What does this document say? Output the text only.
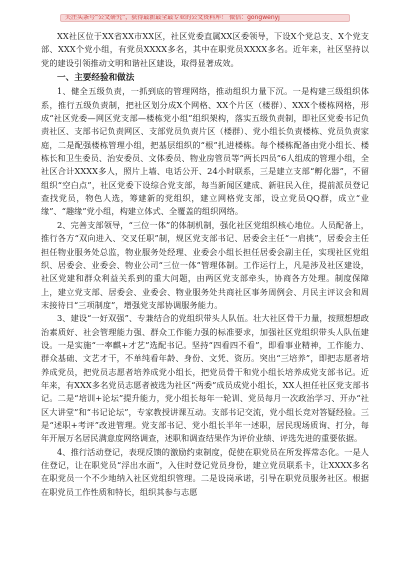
关注头条号“公文研究”，获得最新最全最专业的公文资料库！ 微信：gongwenyj

XX社区位于XX省XX市XX区，社区党委直属XX区委领导，下设X个党总支、X个党支部、XXX个党小组，有党员XXXX多名，其中在职党员XXXX多名。近年来，社区坚持以党的建设引领推动文明和谐社区建设，取得显著成效。

一、主要经验和做法

1、健全五级负责，一抓到底的管理网络，推动组织力量下沉。一是构建三级组织体系，推行五级负责制，把社区划分成X个网格、XX个片区（楼群）、XXX个楼栋网格，形成“社区党委—网区党支部—楼栋党小组”组织架构，落实五级负责制，即社区党委书记负责社区、支部书记负责网区、支部党员负责片区（楼群）、党小组长负责楼栋、党员负责家庭，二是配强楼栋管理小组，把基层组织的“根”扎进楼栋。每个楼栋配备由党小组长、楼栋长和卫生委员、治安委员、文体委员、物业房管员等“两长四员”6人组成的管理小组，全社区合计XXXX多人，照片上墙、电话公开、24小时联系，三是建立支部“孵化器”，不留组织“空白点”，社区党委下设综合党支部，每当新闻区建成、新驻民入住，提前派员登记查找党员，物色人选，筹建新的党组织，建立网格党支部，设立党员QQ群，成立“业缘”、“趣缘”党小组，构建立体式、全覆盖的组织网络。

2、完善支部领导，“三位一体”的体制机制，强化社区党组织核心地位。人员配备上，推行各方“双向进入、交叉任职”制，规区党支部书记、居委会主任“一肩挑”，居委会主任担任物业服务处总监，物业服务处经理、业委会小组长担任居委会副主任，实现社区党组织、居委会、业委会、物业公司“三位一体”管理体制。工作运行上，凡是涉及社区建设，社区党建和群众利益关系到的重大问题，由两区党支部牵头，协商各方处理。制度保障上，建立党支部、居委会、业委会、物业服务处共商社区事务周例会、月民主评议会和周末接待日“三项制度”，增强党支部协调服务能力。

3、建设“一好双强”、专兼结合的党组织带头人队伍。壮大社区骨干力量，按照想想政治素质好、社会管理能力强、群众工作能力强的标准要求，加强社区党组织带头人队伍建设。一是实施“一率麒+才艺”选配书记。坚持“四看四不看”，即看事业精神，工作能力、群众基础、文艺才干，不单纯看年龄、身份、文凭、资历。突出“三培养”，即把志愿者培养成党员，把党员志愿者培养成党小组长，把党员骨干和党小组长培养成党支部书记。近年来，有XXX多名党员志愿者被选为社区“两委”成员成党小组长，XX人担任社区党支部书记。二是“培训+论坛”提升能力，党小组长每年一轮训、党员每月一次政治学习、开办“社区大讲堂”和“书记论坛”，专家教授讲课互动。支部书记交流，党小组长竞对答疑经验。三是“述职+考评”改进管理。党支部书记、党小组长半年一述职，居民现场质询、打分，每年开展万名居民满意度网络调查，述职和调查结果作为评价业绩、评选先进的重要依据。

4、推行活动登记，表现反馈的激励约束制度，促使在职党员在所发挥常态化。一是人住登记，让在职党员“浮出水面”，入住时登记党员身份，建立党员联系卡，让XXXX多名在职党员一个不少地纳入社区党组织管理。二是设岗承诺，引导在职党员服务社区。根据在职党员工作性质和特长，组织其参与志愿
